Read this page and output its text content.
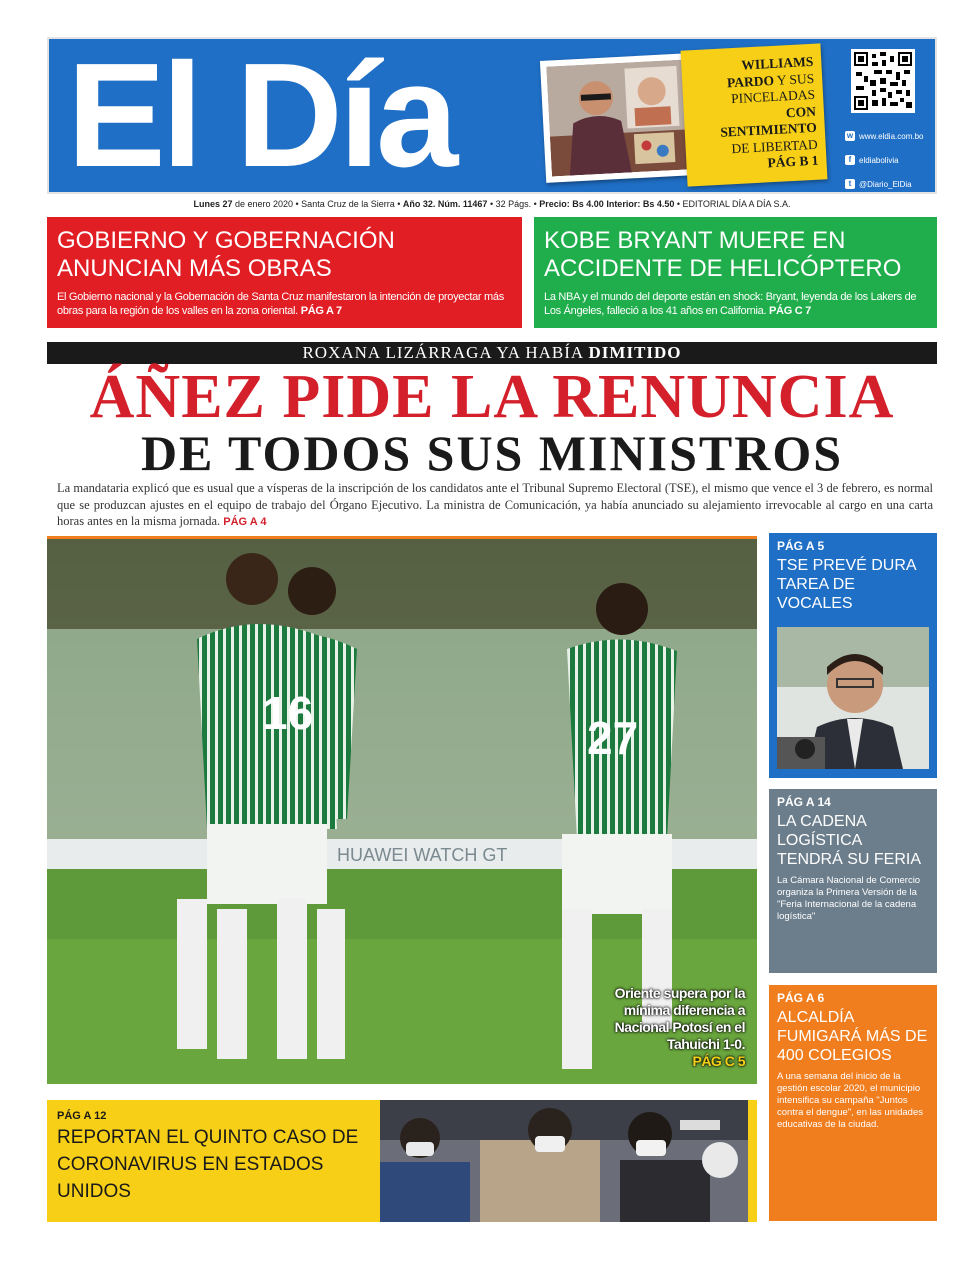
El Día	WILLIAMS
PARDO Y SUS
PINCELADAS
CON
SENTIMIENTO
DE LIBERTAD
PÁG B 1
w www.eldia.com.bo
f eldiabolivia
t @Diario_ElDia
Lunes 27 de enero 2020 • Santa Cruz de la Sierra • Año 32. Núm. 11467 • 32 Págs. • Precio: Bs 4.00 Interior: Bs 4.50 • EDITORIAL DÍA A DÍA S.A.
GOBIERNO Y GOBERNACIÓN ANUNCIAN MÁS OBRAS

El Gobierno nacional y la Gobernación de Santa Cruz manifestaron la intención de proyectar más obras para la región de los valles en la zona oriental. PÁG A 7

KOBE BRYANT MUERE EN ACCIDENTE DE HELICÓPTERO

La NBA y el mundo del deporte están en shock: Bryant, leyenda de los Lakers de Los Ángeles, falleció a los 41 años en California. PÁG C 7

ROXANA LIZÁRRAGA YA HABÍA DIMITIDO
ÁÑEZ PIDE LA RENUNCIA
DE TODOS SUS MINISTROS
La mandataria explicó que es usual que a vísperas de la inscripción de los candidatos ante el Tribunal Supremo Electoral (TSE), el mismo que vence el 3 de febrero, es normal que se produzcan ajustes en el equipo de trabajo del Órgano Ejecutivo. La ministra de Comunicación, ya había anunciado su alejamiento irrevocable al cargo en una carta horas antes en la misma jornada. PÁG A 4
HUAWEI WATCH GT
16	27
Oriente supera por la mínima diferencia a Nacional Potosí en el Tahuichi 1-0.
PÁG C 5
PÁG A 5
TSE PREVÉ DURA TAREA DE VOCALES
PÁG A 14
LA CADENA LOGÍSTICA TENDRÁ SU FERIA

La Cámara Nacional de Comercio organiza la Primera Versión de la "Feria Internacional de la cadena logística"

PÁG A 6
ALCALDÍA FUMIGARÁ MÁS DE 400 COLEGIOS

A una semana del inicio de la gestión escolar 2020, el municipio intensifica su campaña "Juntos contra el dengue", en las unidades educativas de la ciudad.

PÁG A 12
REPORTAN EL QUINTO CASO DE CORONAVIRUS EN ESTADOS UNIDOS
